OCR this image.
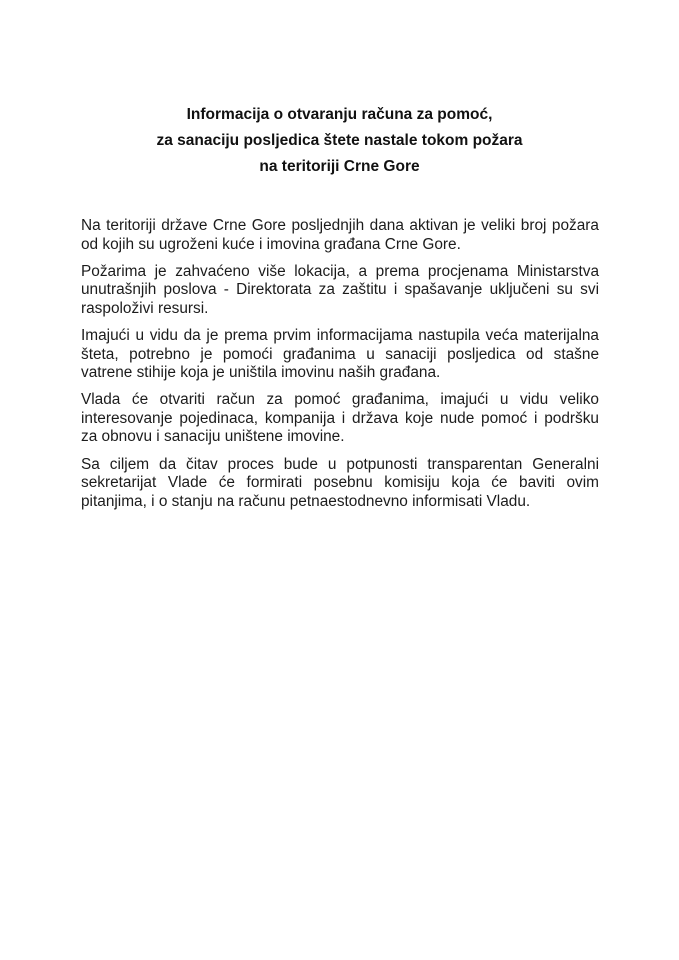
Informacija o otvaranju računa za pomoć,
za sanaciju posljedica štete nastale tokom požara
na teritoriji Crne Gore

Na teritoriji države Crne Gore posljednjih dana aktivan je veliki broj požara
od kojih su ugroženi kuće i imovina građana Crne Gore.

Požarima je zahvaćeno više lokacija, a prema procjenama Ministarstva
unutrašnjih poslova - Direktorata za zaštitu i spašavanje uključeni su svi
raspoloživi resursi.

Imajući u vidu da je prema prvim informacijama nastupila veća materijalna
šteta, potrebno je pomoći građanima u sanaciji posljedica od stašne
vatrene stihije koja je uništila imovinu naših građana.

Vlada će otvariti račun za pomoć građanima, imajući u vidu veliko
interesovanje pojedinaca, kompanija i država koje nude pomoć i podršku
za obnovu i sanaciju uništene imovine.

Sa ciljem da čitav proces bude u potpunosti transparentan Generalni
sekretarijat Vlade će formirati posebnu komisiju koja će baviti ovim
pitanjima, i o stanju na računu petnaestodnevno informisati Vladu.
